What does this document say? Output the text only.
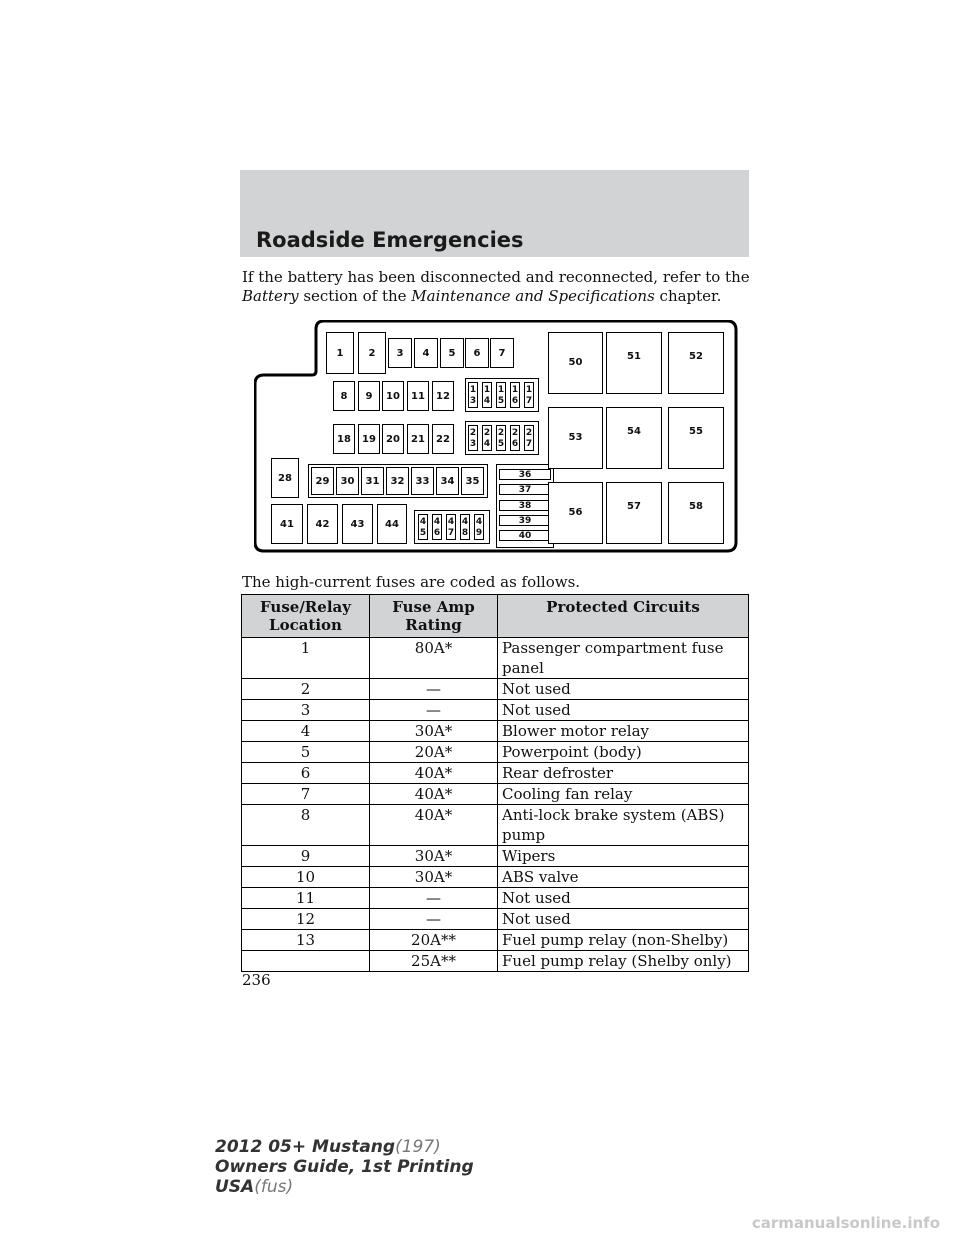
Roadside Emergencies
If the battery has been disconnected and reconnected, refer to the
Battery section of the Maintenance and Specifications chapter.
1	2	3	4	5	6	7
8	9	10	11	12
1
3
1
4
1
5
1
6
1
7
18	19	20	21	22
2
3
2
4
2
5
2
6
2
7
28	29	30	31	32	33	34	35
36
37
38
39
40
41	42	43	44	4
5
4
6
4
7
4
8
4
9
50
51	52
53
54	55
56
57	58
The high-current fuses are coded as follows.
Fuse/Relay Location	Fuse Amp Rating	Protected Circuits
1	80A*	Passenger compartment fuse panel
2	—	Not used
3	—	Not used
4	30A*	Blower motor relay
5	20A*	Powerpoint (body)
6	40A*	Rear defroster
7	40A*	Cooling fan relay
8	40A*	Anti-lock brake system (ABS) pump
9	30A*	Wipers
10	30A*	ABS valve
11	—	Not used
12	—	Not used
13	20A**	Fuel pump relay (non-Shelby)
	25A**	Fuel pump relay (Shelby only)
236
2012 05+ Mustang(197)
Owners Guide, 1st Printing
USA(fus)
carmanualsonline.info
